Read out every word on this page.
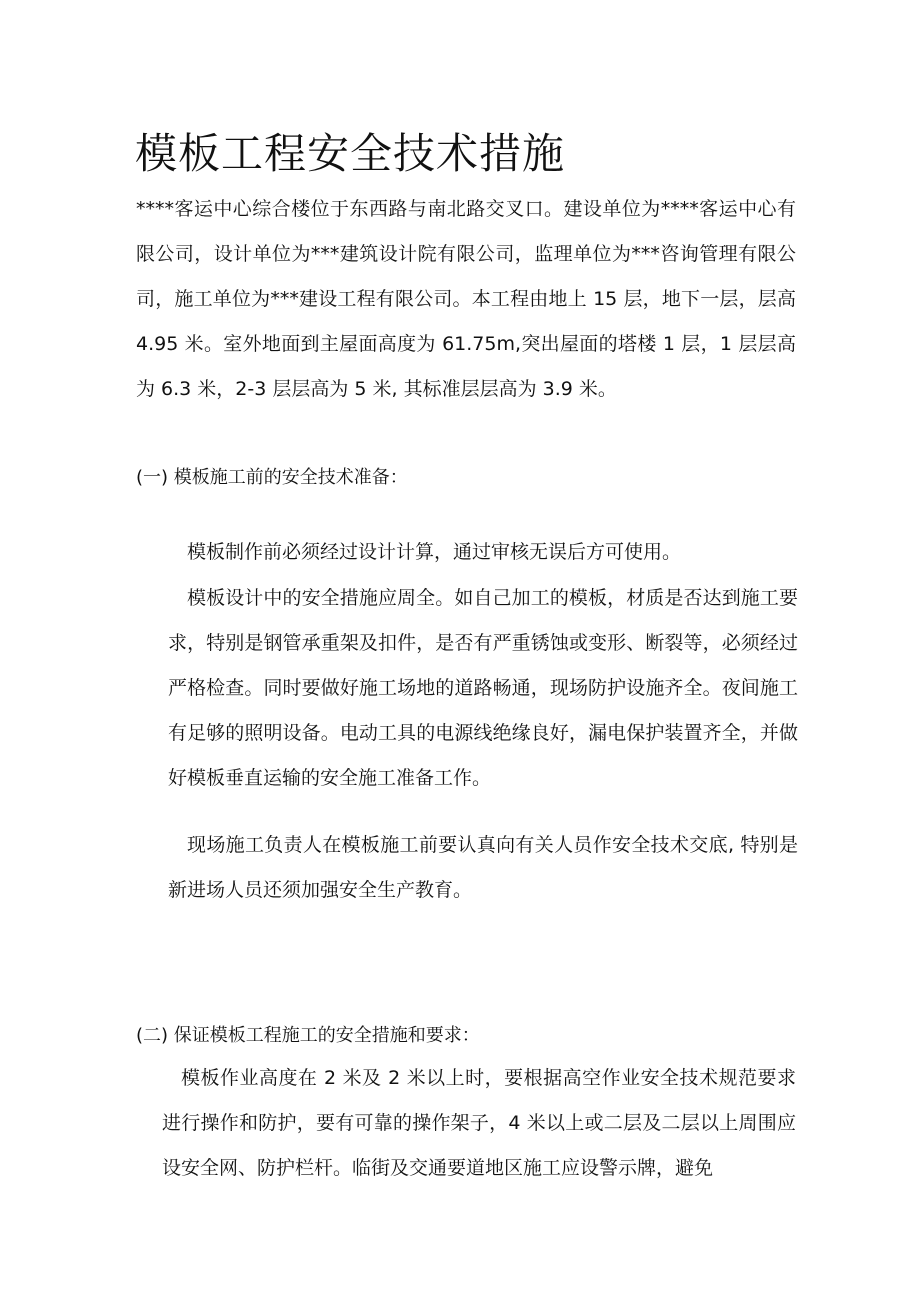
模板工程安全技术措施

****客运中心综合楼位于东西路与南北路交叉口。建设单位为****客运中心有限公司，设计单位为***建筑设计院有限公司，监理单位为***咨询管理有限公司，施工单位为***建设工程有限公司。本工程由地上 15 层，地下一层，层高 4.95 米。室外地面到主屋面高度为 61.75m,突出屋面的塔楼 1 层，1 层层高为 6.3 米，2-3 层层高为 5 米, 其标准层层高为 3.9 米。

(一) 模板施工前的安全技术准备：

模板制作前必须经过设计计算，通过审核无误后方可使用。

模板设计中的安全措施应周全。如自己加工的模板，材质是否达到施工要求，特别是钢管承重架及扣件，是否有严重锈蚀或变形、断裂等，必须经过严格检查。同时要做好施工场地的道路畅通，现场防护设施齐全。夜间施工有足够的照明设备。电动工具的电源线绝缘良好，漏电保护装置齐全，并做好模板垂直运输的安全施工准备工作。

现场施工负责人在模板施工前要认真向有关人员作安全技术交底, 特别是新进场人员还须加强安全生产教育。

(二) 保证模板工程施工的安全措施和要求：

模板作业高度在 2 米及 2 米以上时，要根据高空作业安全技术规范要求进行操作和防护，要有可靠的操作架子，4 米以上或二层及二层以上周围应设安全网、防护栏杆。临街及交通要道地区施工应设警示牌，避免
